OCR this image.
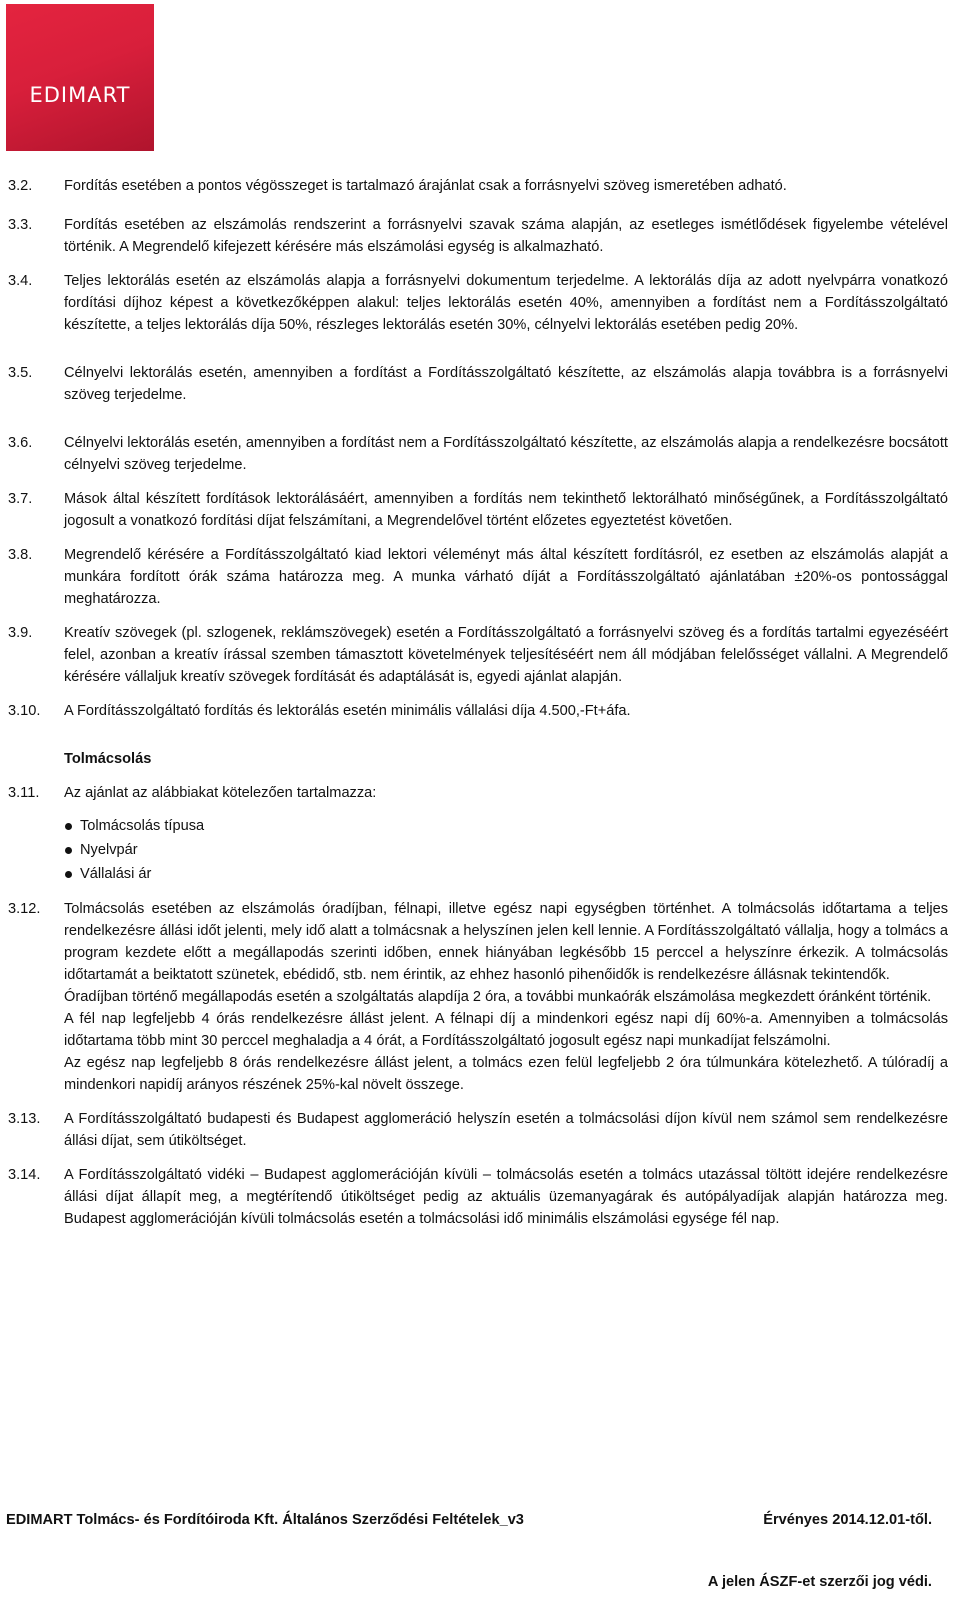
EDIMART
3.2.	Fordítás esetében a pontos végösszeget is tartalmazó árajánlat csak a forrásnyelvi szöveg ismeretében adható.
3.3.	Fordítás esetében az elszámolás rendszerint a forrásnyelvi szavak száma alapján, az esetleges ismétlődések figyelembe vételével történik. A Megrendelő kifejezett kérésére más elszámolási egység is alkalmazható.
3.4.	Teljes lektorálás esetén az elszámolás alapja a forrásnyelvi dokumentum terjedelme. A lektorálás díja az adott nyelvpárra vonatkozó fordítási díjhoz képest a következőképpen alakul: teljes lektorálás esetén 40%, amennyiben a fordítást nem a Fordításszolgáltató készítette, a teljes lektorálás díja 50%, részleges lektorálás esetén 30%, célnyelvi lektorálás esetében pedig 20%.
3.5.	Célnyelvi lektorálás esetén, amennyiben a fordítást a Fordításszolgáltató készítette, az elszámolás alapja továbbra is a forrásnyelvi szöveg terjedelme.
3.6.	Célnyelvi lektorálás esetén, amennyiben a fordítást nem a Fordításszolgáltató készítette, az elszámolás alapja a rendelkezésre bocsátott célnyelvi szöveg terjedelme.
3.7.	Mások által készített fordítások lektorálásáért, amennyiben a fordítás nem tekinthető lektorálható minőségűnek, a Fordításszolgáltató jogosult a vonatkozó fordítási díjat felszámítani, a Megrendelővel történt előzetes egyeztetést követően.
3.8.	Megrendelő kérésére a Fordításszolgáltató kiad lektori véleményt más által készített fordításról, ez esetben az elszámolás alapját a munkára fordított órák száma határozza meg. A munka várható díját a Fordításszolgáltató ajánlatában ±20%-os pontossággal meghatározza.
3.9.	Kreatív szövegek (pl. szlogenek, reklámszövegek) esetén a Fordításszolgáltató a forrásnyelvi szöveg és a fordítás tartalmi egyezéséért felel, azonban a kreatív írással szemben támasztott követelmények teljesítéséért nem áll módjában felelősséget vállalni. A Megrendelő kérésére vállaljuk kreatív szövegek fordítását és adaptálását is, egyedi ajánlat alapján.
3.10.	A Fordításszolgáltató fordítás és lektorálás esetén minimális vállalási díja 4.500,-Ft+áfa.
Tolmácsolás
3.11.	Az ajánlat az alábbiakat kötelezően tartalmazza:
Tolmácsolás típusa
Nyelvpár
Vállalási ár
3.12.	Tolmácsolás esetében az elszámolás óradíjban, félnapi, illetve egész napi egységben történhet. A tolmácsolás időtartama a teljes rendelkezésre állási időt jelenti, mely idő alatt a tolmácsnak a helyszínen jelen kell lennie. A Fordításszolgáltató vállalja, hogy a tolmács a program kezdete előtt a megállapodás szerinti időben, ennek hiányában legkésőbb 15 perccel a helyszínre érkezik. A tolmácsolás időtartamát a beiktatott szünetek, ebédidő, stb. nem érintik, az ehhez hasonló pihenőidők is rendelkezésre állásnak tekintendők.

Óradíjban történő megállapodás esetén a szolgáltatás alapdíja 2 óra, a további munkaórák elszámolása megkezdett óránként történik.

A fél nap legfeljebb 4 órás rendelkezésre állást jelent. A félnapi díj a mindenkori egész napi díj 60%-a. Amennyiben a tolmácsolás időtartama több mint 30 perccel meghaladja a 4 órát, a Fordításszolgáltató jogosult egész napi munkadíjat felszámolni.

Az egész nap legfeljebb 8 órás rendelkezésre állást jelent, a tolmács ezen felül legfeljebb 2 óra túlmunkára kötelezhető. A túlóradíj a mindenkori napidíj arányos részének 25%-kal növelt összege.

3.13.	A Fordításszolgáltató budapesti és Budapest agglomeráció helyszín esetén a tolmácsolási díjon kívül nem számol sem rendelkezésre állási díjat, sem útiköltséget.
3.14.	A Fordításszolgáltató vidéki – Budapest agglomerációján kívüli – tolmácsolás esetén a tolmács utazással töltött idejére rendelkezésre állási díjat állapít meg, a megtérítendő útiköltséget pedig az aktuális üzemanyagárak és autópályadíjak alapján határozza meg. Budapest agglomerációján kívüli tolmácsolás esetén a tolmácsolási idő minimális elszámolási egysége fél nap.
EDIMART Tolmács- és Fordítóiroda Kft. Általános Szerződési Feltételek_v3	Érvényes 2014.12.01-től.
A jelen ÁSZF-et szerzői jog védi.
